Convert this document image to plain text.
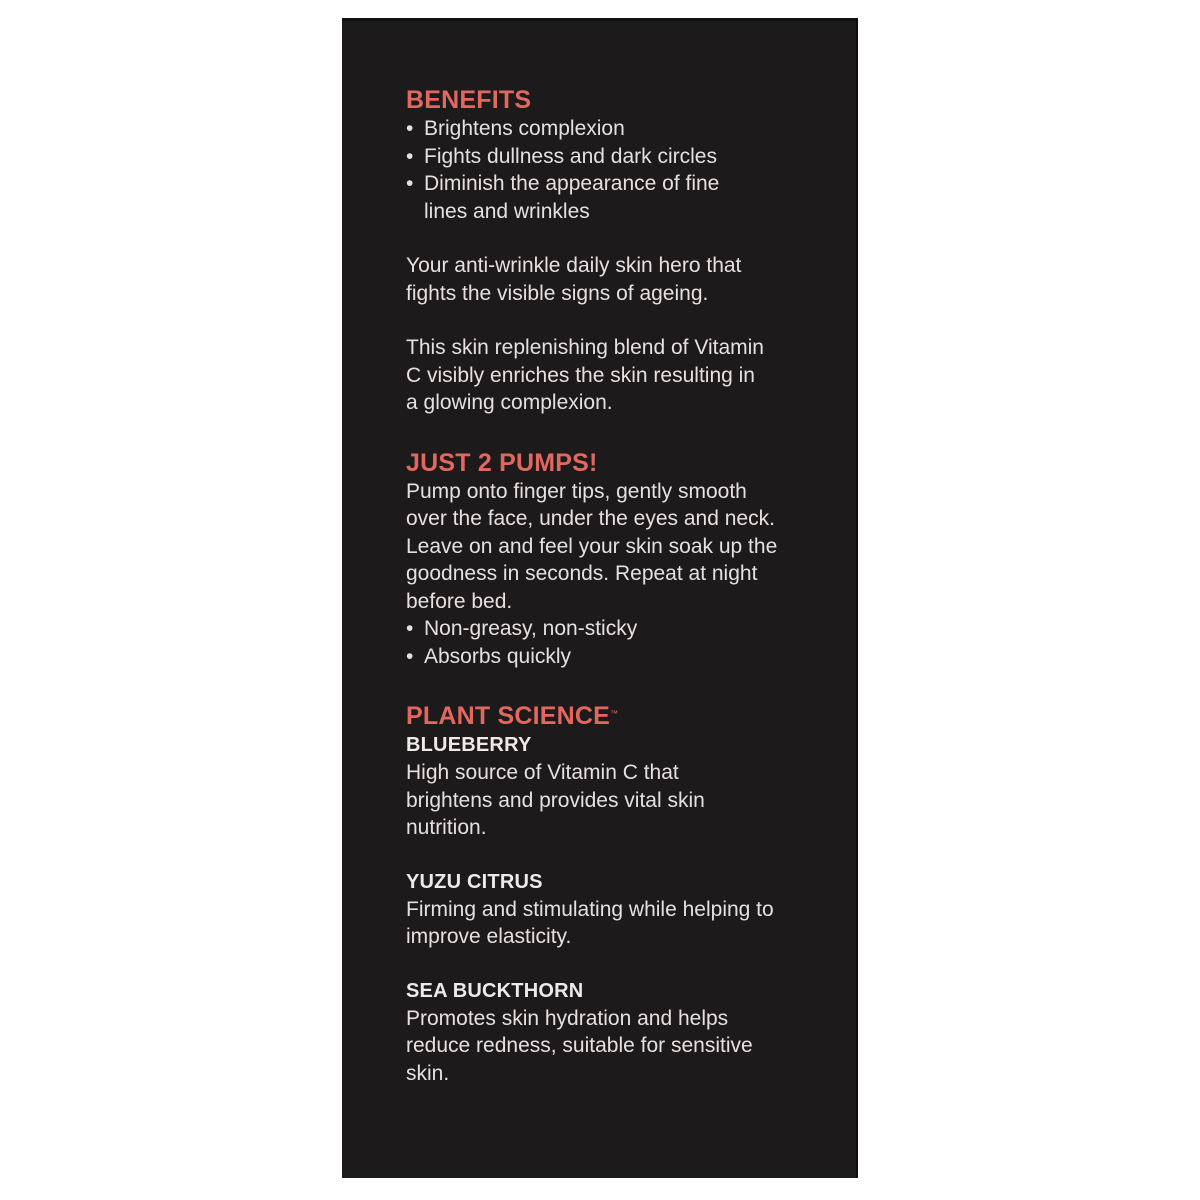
BENEFITS
• Brightens complexion
• Fights dullness and dark circles
• Diminish the appearance of fine lines and wrinkles

Your anti-wrinkle daily skin hero that fights the visible signs of ageing.

This skin replenishing blend of Vitamin C visibly enriches the skin resulting in a glowing complexion.

JUST 2 PUMPS!

Pump onto finger tips, gently smooth over the face, under the eyes and neck. Leave on and feel your skin soak up the goodness in seconds. Repeat at night before bed.

• Non-greasy, non-sticky
• Absorbs quickly
PLANT SCIENCE™
BLUEBERRY

High source of Vitamin C that brightens and provides vital skin nutrition.

YUZU CITRUS

Firming and stimulating while helping to improve elasticity.

SEA BUCKTHORN

Promotes skin hydration and helps reduce redness, suitable for sensitive skin.
